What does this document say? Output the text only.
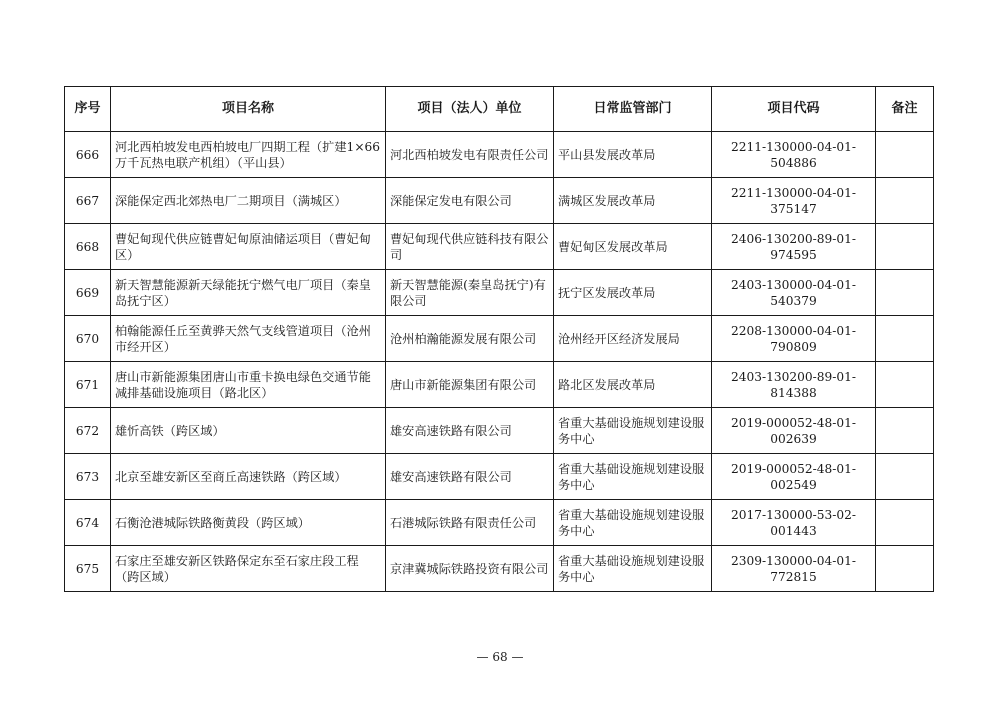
序号	项目名称	项目（法人）单位	日常监管部门	项目代码	备注
666	河北西柏坡发电西柏坡电厂四期工程（扩建1×66万千瓦热电联产机组）（平山县）	河北西柏坡发电有限责任公司	平山县发展改革局	2211-130000-04-01-504886	
667	深能保定西北郊热电厂二期项目（满城区）	深能保定发电有限公司	满城区发展改革局	2211-130000-04-01-375147	
668	曹妃甸现代供应链曹妃甸原油储运项目（曹妃甸区）	曹妃甸现代供应链科技有限公司	曹妃甸区发展改革局	2406-130200-89-01-974595	
669	新天智慧能源新天绿能抚宁燃气电厂项目（秦皇岛抚宁区）	新天智慧能源(秦皇岛抚宁)有限公司	抚宁区发展改革局	2403-130000-04-01-540379	
670	柏翰能源任丘至黄骅天然气支线管道项目（沧州市经开区）	沧州柏瀚能源发展有限公司	沧州经开区经济发展局	2208-130000-04-01-790809	
671	唐山市新能源集团唐山市重卡换电绿色交通节能减排基础设施项目（路北区）	唐山市新能源集团有限公司	路北区发展改革局	2403-130200-89-01-814388	
672	雄忻高铁（跨区域）	雄安高速铁路有限公司	省重大基础设施规划建设服务中心	2019-000052-48-01-002639	
673	北京至雄安新区至商丘高速铁路（跨区域）	雄安高速铁路有限公司	省重大基础设施规划建设服务中心	2019-000052-48-01-002549	
674	石衡沧港城际铁路衡黄段（跨区域）	石港城际铁路有限责任公司	省重大基础设施规划建设服务中心	2017-130000-53-02-001443	
675	石家庄至雄安新区铁路保定东至石家庄段工程（跨区域）	京津冀城际铁路投资有限公司	省重大基础设施规划建设服务中心	2309-130000-04-01-772815	
— 68 —
